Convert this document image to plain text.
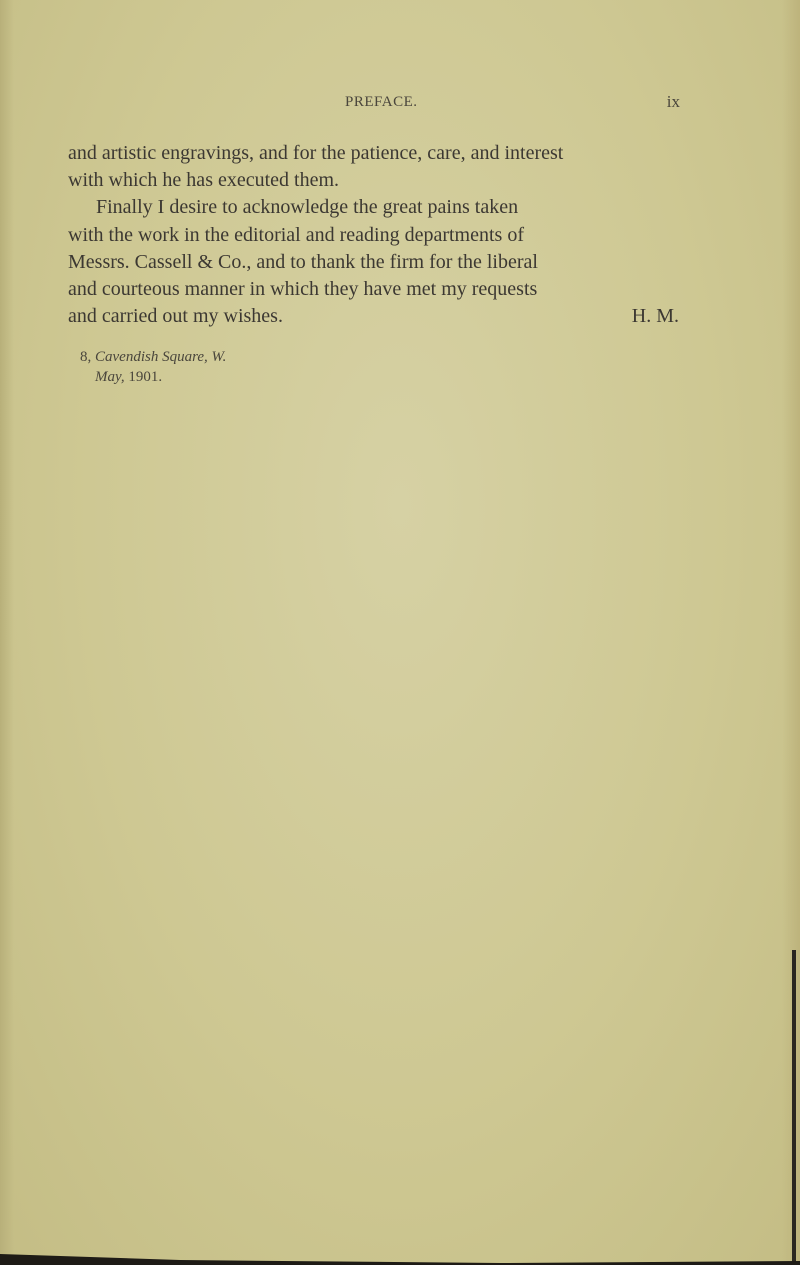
PREFACE.	ix

and artistic engravings, and for the patience, care, and interest
with which he has executed them.

Finally I desire to acknowledge the great pains taken
with the work in the editorial and reading departments of
Messrs. Cassell & Co., and to thank the firm for the liberal
and courteous manner in which they have met my requests

and carried out my wishes.	H. M.
8, Cavendish Square, W.
May, 1901.
